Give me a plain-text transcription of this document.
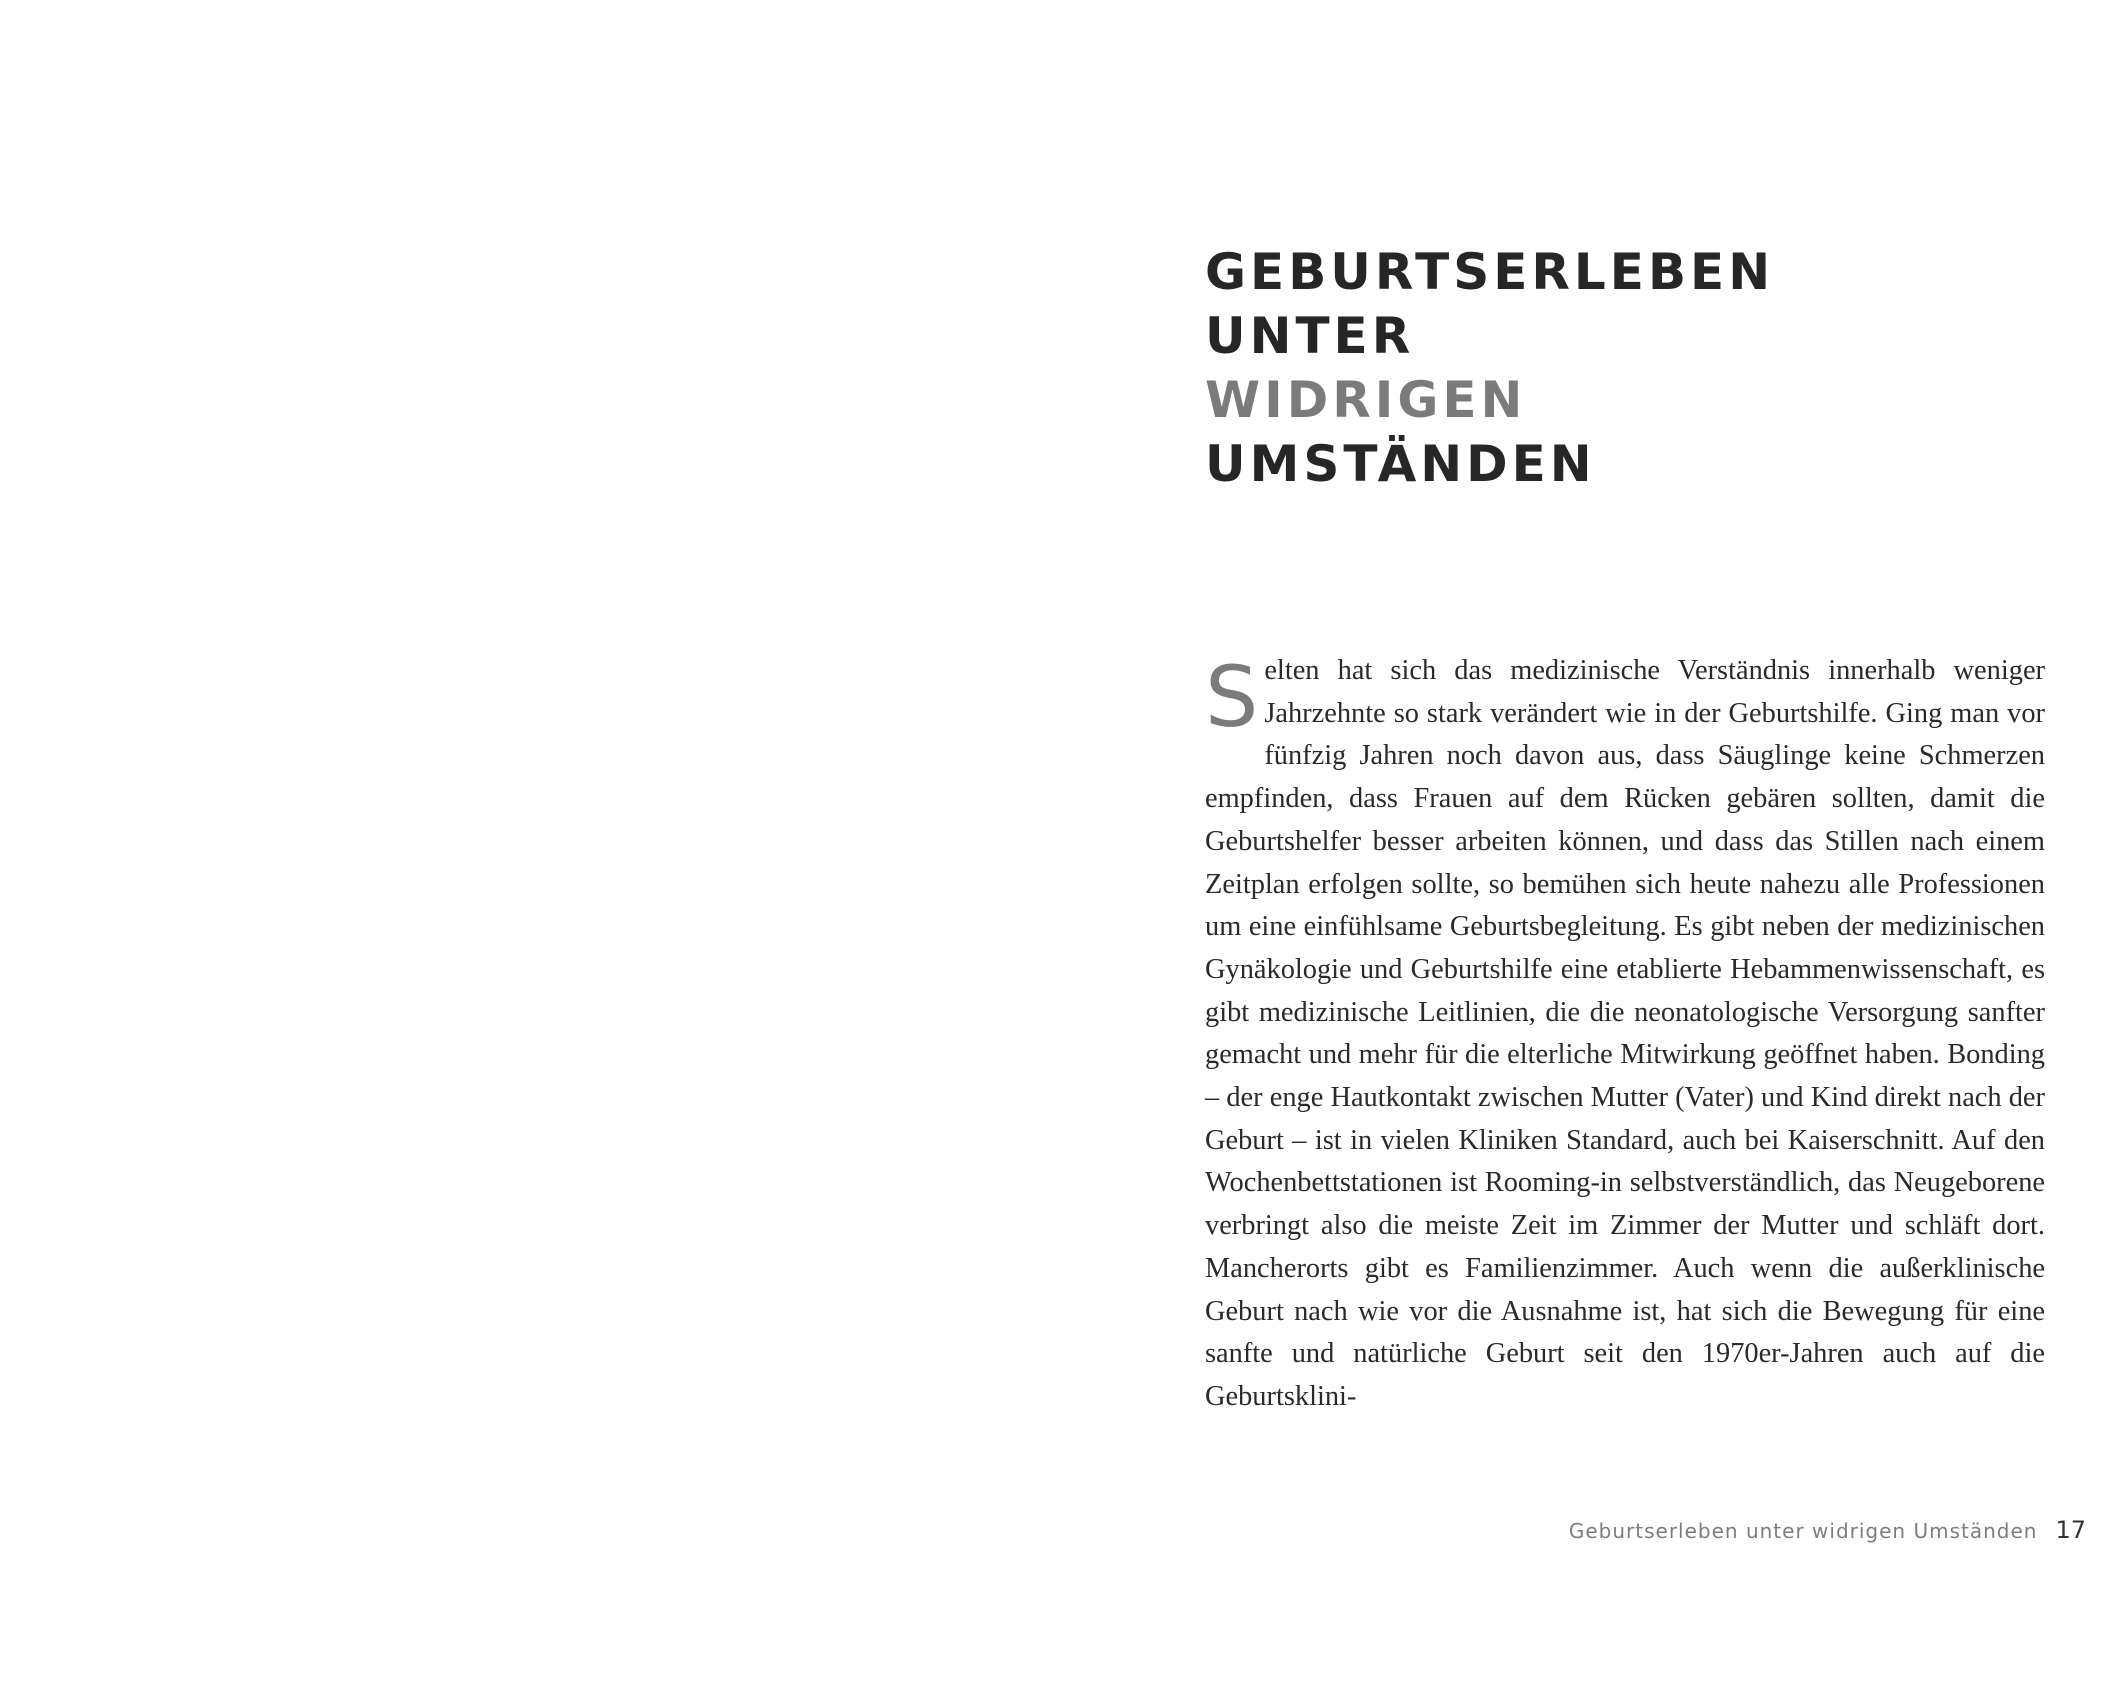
GEBURTSERLEBEN
UNTER
WIDRIGEN
UMSTÄNDEN

Selten hat sich das medizinische Verständnis innerhalb weniger Jahrzehnte so stark verändert wie in der Geburtshilfe. Ging man vor fünfzig Jahren noch davon aus, dass Säuglinge keine Schmerzen empfinden, dass Frauen auf dem Rücken gebären sollten, damit die Geburtshelfer besser arbeiten können, und dass das Stillen nach einem Zeitplan erfolgen sollte, so bemühen sich heute nahezu alle Professionen um eine einfühlsame Geburtsbegleitung. Es gibt neben der medizinischen Gynäkologie und Geburtshilfe eine etablierte Hebammenwissenschaft, es gibt medizinische Leitlinien, die die neonatologische Versorgung sanfter gemacht und mehr für die elterliche Mitwirkung geöffnet haben. Bonding – der enge Hautkontakt zwischen Mutter (Vater) und Kind direkt nach der Geburt – ist in vielen Kliniken Standard, auch bei Kaiserschnitt. Auf den Wochenbettstationen ist Rooming-in selbstverständlich, das Neugeborene verbringt also die meiste Zeit im Zimmer der Mutter und schläft dort. Mancherorts gibt es Familienzimmer. Auch wenn die außerklinische Geburt nach wie vor die Ausnahme ist, hat sich die Bewegung für eine sanfte und natürliche Geburt seit den 1970er-Jahren auch auf die Geburtsklini-

Geburtserleben unter widrigen Umständen 17
